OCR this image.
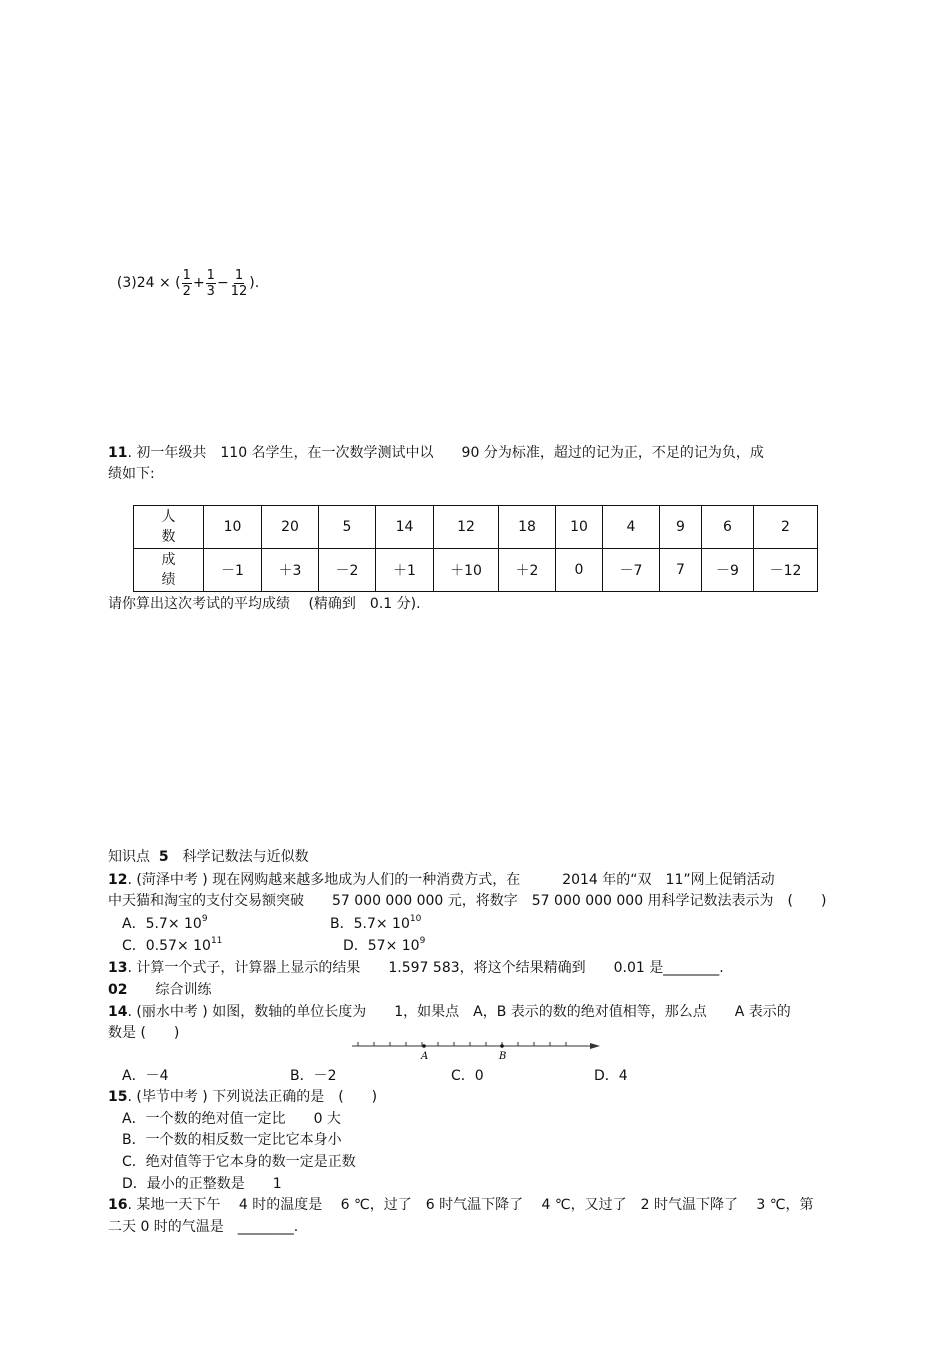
(3)24 × ( $\frac{1}{2} + \frac{1}{3} - \frac{1}{12}$ ).

11. 初一年级共　110 名学生，在一次数学测试中以　　90 分为标准，超过的记为正，不足的记为负，成
绩如下:
人
数	10	20	5	14	12	18	10	4	9	6	2
成
绩	－1	＋3	－2	＋1	＋10	＋2	0	－7	7	－9	－12
请你算出这次考试的平均成绩　 (精确到　0.1 分).
知识点 5　 科学记数法与近似数
12. (菏泽中考 ) 现在网购越来越多地成为人们的一种消费方式，在　　　2014 年的“双　11”网上促销活动
中天猫和淘宝的支付交易额突破　　57 000 000 000 元，将数字　57 000 000 000 用科学记数法表示为　(　　)
A．$5.7\times 10^9$	B．$5.7\times 10^{10}$
C．$0.57\times 10^{11}$	D．$57\times 10^9$
13. 计算一个式子，计算器上显示的结果　　1.597 583，将这个结果精确到　　0.01 是________.
02　　 综合训练
14. (丽水中考 ) 如图，数轴的单位长度为　　1，如果点　A，B 表示的数的绝对值相等，那么点　　A 表示的
数是 (　　)
A	B
A．－4	B．－2	C．0	D．4
15. (毕节中考 ) 下列说法正确的是　(　　)
A．一个数的绝对值一定比　　0 大
B．一个数的相反数一定比它本身小
C．绝对值等于它本身的数一定是正数
D．最小的正整数是　　1
16. 某地一天下午　 4 时的温度是　 6 ℃，过了　6 时气温下降了　 4 ℃，又过了　2 时气温下降了　 3 ℃，第
二天 0 时的气温是　________.
